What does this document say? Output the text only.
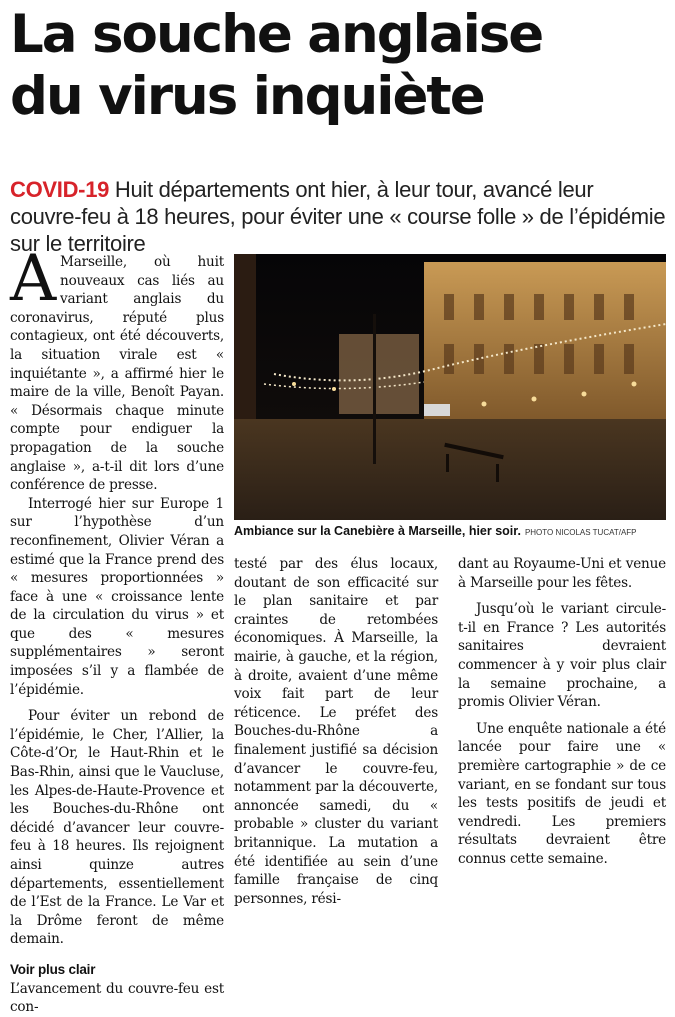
La souche anglaise
du virus inquiète
COVID-19 Huit départements ont hier, à leur tour, avancé leur couvre-feu à 18 heures, pour éviter une « course folle » de l’épidémie sur le territoire

A Marseille, où huit nouveaux cas liés au variant anglais du coronavirus, réputé plus contagieux, ont été découverts, la situation virale est « inquiétante », a affirmé hier le maire de la ville, Benoît Payan. « Désormais chaque minute compte pour endiguer la propagation de la souche anglaise », a-t-il dit lors d’une conférence de presse.

Interrogé hier sur Europe 1 sur l’hypothèse d’un reconfinement, Olivier Véran a estimé que la France prend des « mesures proportionnées » face à une « croissance lente de la circulation du virus » et que des « mesures supplémentaires » seront imposées s’il y a flambée de l’épidémie.

Pour éviter un rebond de l’épidémie, le Cher, l’Allier, la Côte-d’Or, le Haut-Rhin et le Bas-Rhin, ainsi que le Vaucluse, les Alpes-de-Haute-Provence et les Bouches-du-Rhône ont décidé d’avancer leur couvre-feu à 18 heures. Ils rejoignent ainsi quinze autres départements, essentiellement de l’Est de la France. Le Var et la Drôme feront de même demain.

Voir plus clair

L’avancement du couvre-feu est con-

Ambiance sur la Canebière à Marseille, hier soir. PHOTO NICOLAS TUCAT/AFP

testé par des élus locaux, doutant de son efficacité sur le plan sanitaire et par craintes de retombées économiques. À Marseille, la mairie, à gauche, et la région, à droite, avaient d’une même voix fait part de leur réticence. Le préfet des Bouches-du-Rhône a finalement justifié sa décision d’avancer le couvre-feu, notamment par la découverte, annoncée samedi, du « probable » cluster du variant britannique. La mutation a été identifiée au sein d’une famille française de cinq personnes, rési-

dant au Royaume-Uni et venue à Marseille pour les fêtes.

Jusqu’où le variant circule-t-il en France ? Les autorités sanitaires devraient commencer à y voir plus clair la semaine prochaine, a promis Olivier Véran.

Une enquête nationale a été lancée pour faire une « première cartographie » de ce variant, en se fondant sur tous les tests positifs de jeudi et vendredi. Les premiers résultats devraient être connus cette semaine.
